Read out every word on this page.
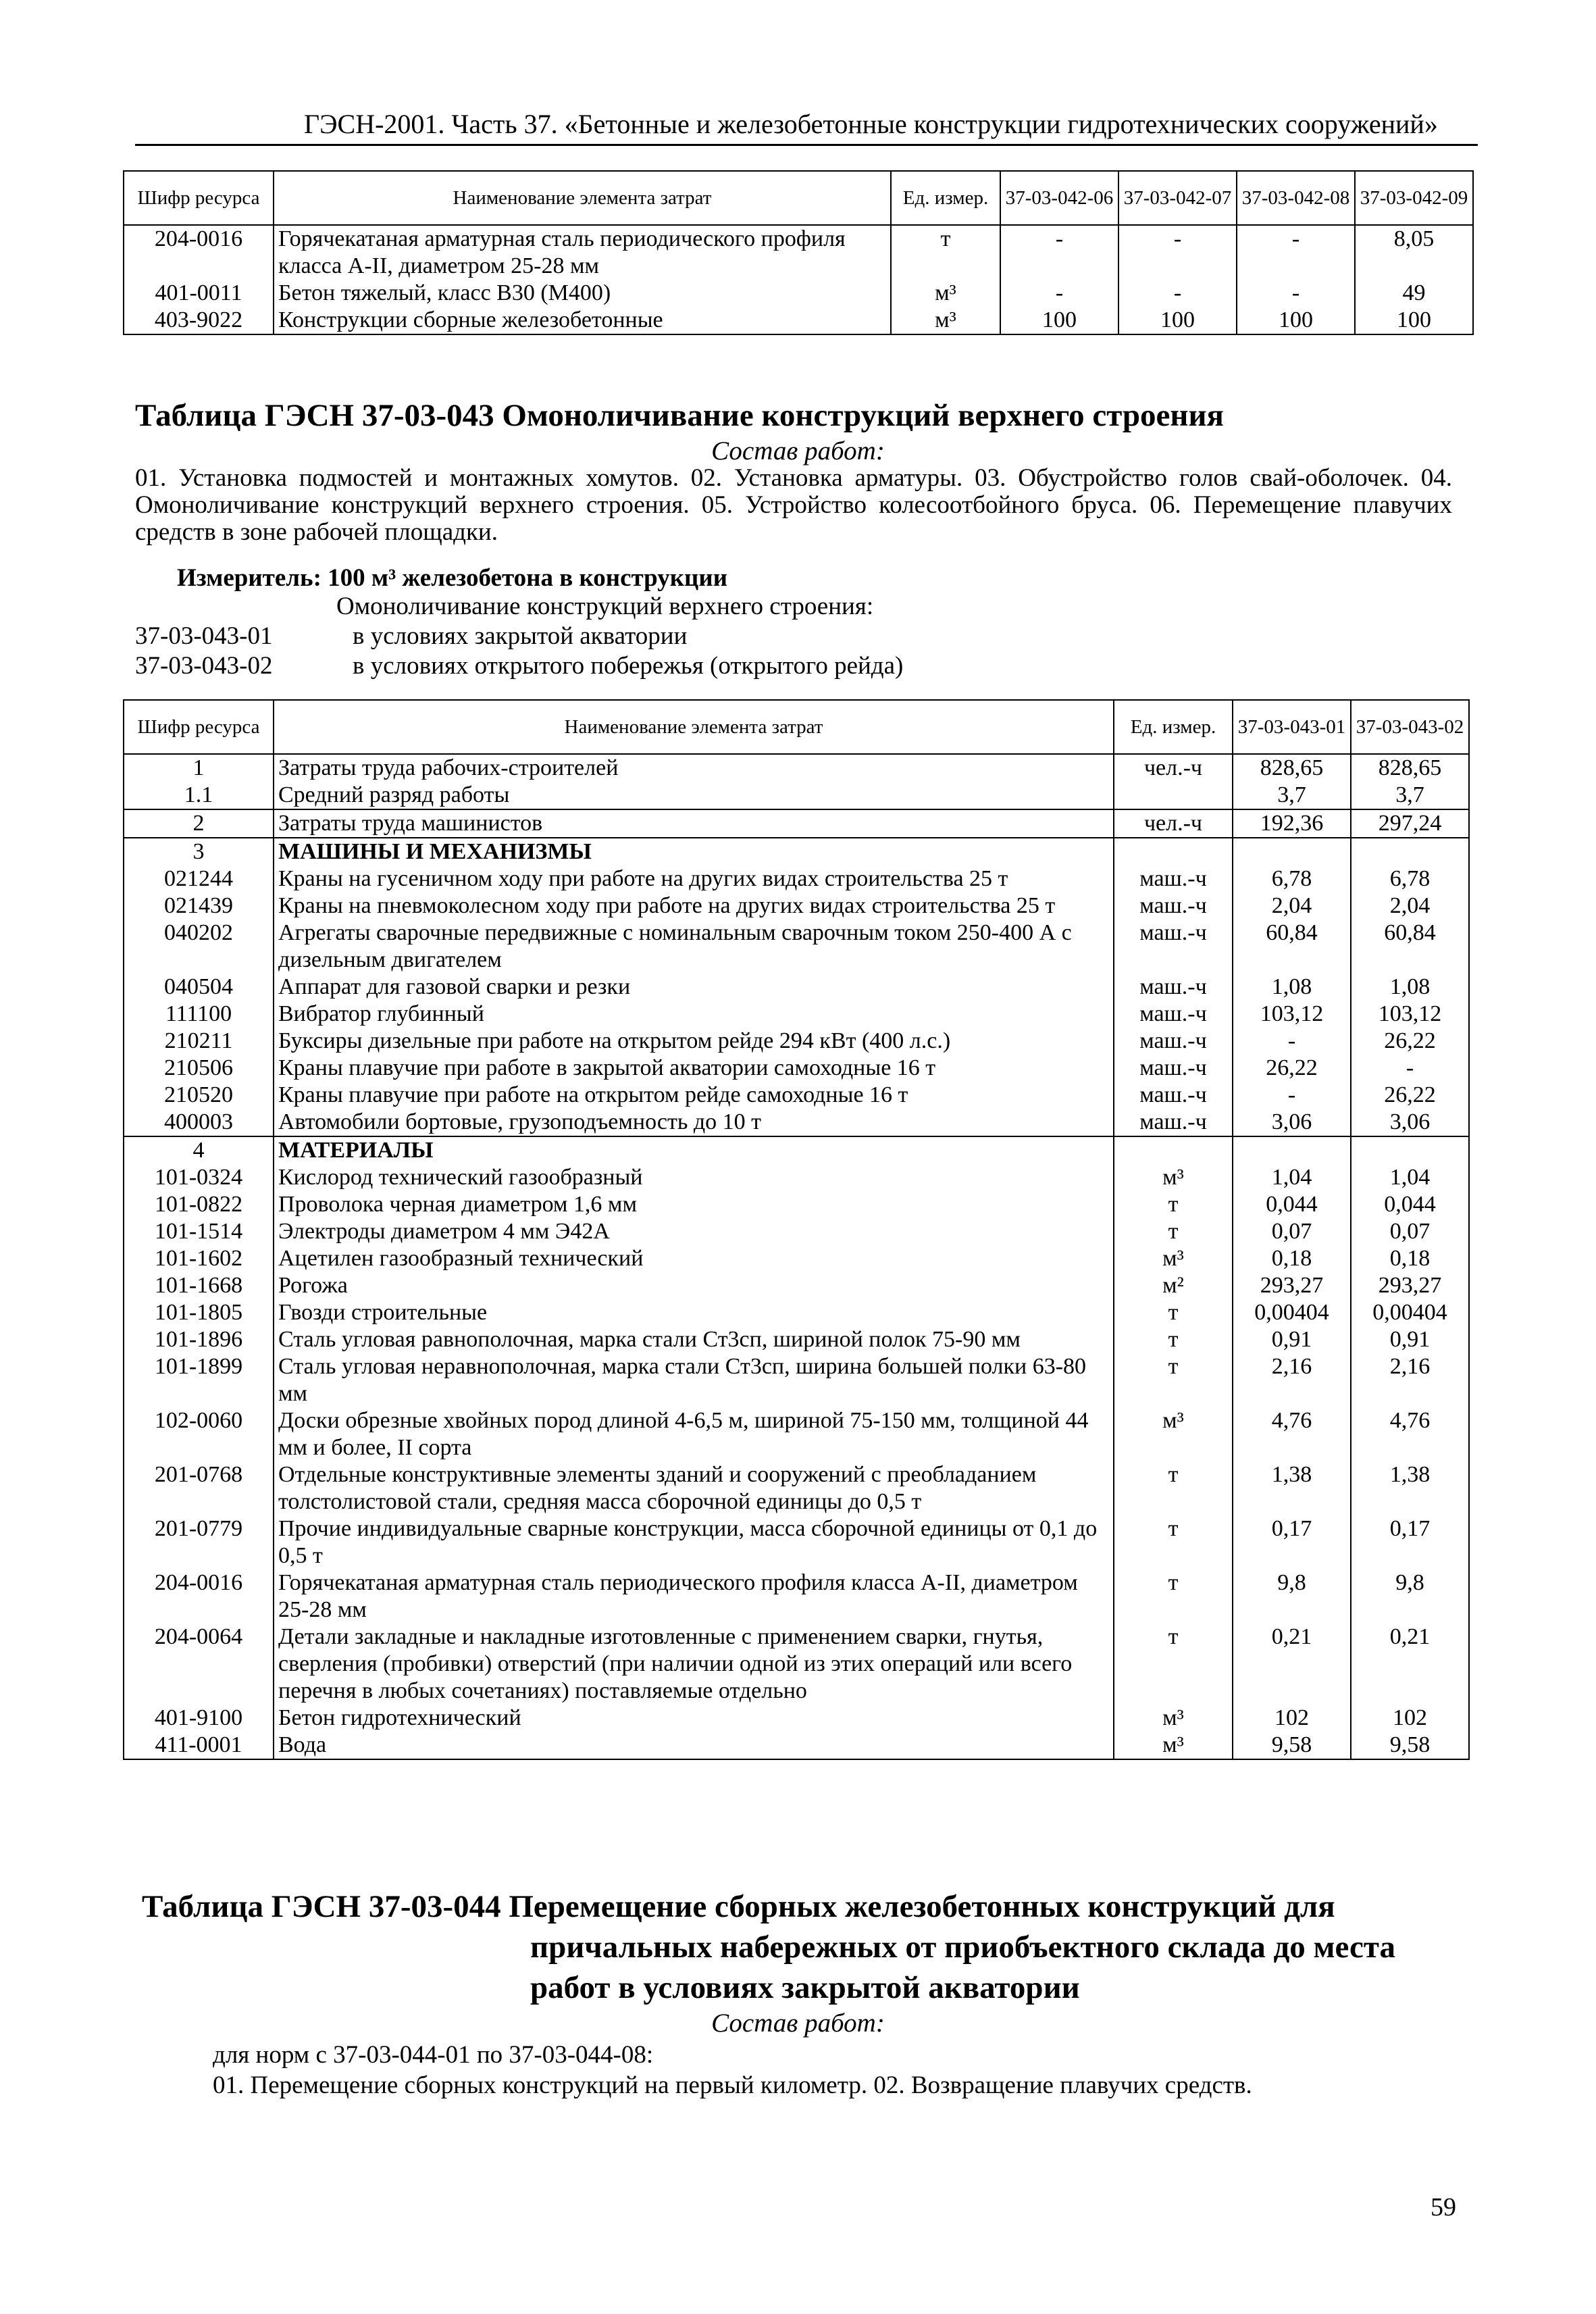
ГЭСН-2001. Часть 37. «Бетонные и железобетонные конструкции гидротехнических сооружений»
Шифр ресурса	Наименование элемента затрат	Ед. измер.	37-03-042-06	37-03-042-07	37-03-042-08	37-03-042-09
204-0016	Горячекатаная арматурная сталь периодического профиля класса А-II, диаметром 25-28 мм	т	-	-	-	8,05
401-0011	Бетон тяжелый, класс В30 (М400)	м³	-	-	-	49
403-9022	Конструкции сборные железобетонные	м³	100	100	100	100
Таблица ГЭСН 37-03-043 Омоноличивание конструкций верхнего строения
Состав работ:
01. Установка подмостей и монтажных хомутов. 02. Установка арматуры. 03. Обустройство голов свай-оболочек. 04. Омоноличивание конструкций верхнего строения. 05. Устройство колесоотбойного бруса. 06. Перемещение плавучих средств в зоне рабочей площадки.
Измеритель: 100 м³ железобетона в конструкции
Омоноличивание конструкций верхнего строения:
37-03-043-01	в условиях закрытой акватории
37-03-043-02	в условиях открытого побережья (открытого рейда)
Шифр ресурса	Наименование элемента затрат	Ед. измер.	37-03-043-01	37-03-043-02
1	Затраты труда рабочих-строителей	чел.-ч	828,65	828,65
1.1	Средний разряд работы		3,7	3,7
2	Затраты труда машинистов	чел.-ч	192,36	297,24
3	МАШИНЫ И МЕХАНИЗМЫ			
021244	Краны на гусеничном ходу при работе на других видах строительства 25 т	маш.-ч	6,78	6,78
021439	Краны на пневмоколесном ходу при работе на других видах строительства 25 т	маш.-ч	2,04	2,04
040202	Агрегаты сварочные передвижные с номинальным сварочным током 250-400 А с дизельным двигателем	маш.-ч	60,84	60,84
040504	Аппарат для газовой сварки и резки	маш.-ч	1,08	1,08
111100	Вибратор глубинный	маш.-ч	103,12	103,12
210211	Буксиры дизельные при работе на открытом рейде 294 кВт (400 л.с.)	маш.-ч	-	26,22
210506	Краны плавучие при работе в закрытой акватории самоходные 16 т	маш.-ч	26,22	-
210520	Краны плавучие при работе на открытом рейде самоходные 16 т	маш.-ч	-	26,22
400003	Автомобили бортовые, грузоподъемность до 10 т	маш.-ч	3,06	3,06
4	МАТЕРИАЛЫ			
101-0324	Кислород технический газообразный	м³	1,04	1,04
101-0822	Проволока черная диаметром 1,6 мм	т	0,044	0,044
101-1514	Электроды диаметром 4 мм Э42А	т	0,07	0,07
101-1602	Ацетилен газообразный технический	м³	0,18	0,18
101-1668	Рогожа	м²	293,27	293,27
101-1805	Гвозди строительные	т	0,00404	0,00404
101-1896	Сталь угловая равнополочная, марка стали Ст3сп, шириной полок 75-90 мм	т	0,91	0,91
101-1899	Сталь угловая неравнополочная, марка стали Ст3сп, ширина большей полки 63-80 мм	т	2,16	2,16
102-0060	Доски обрезные хвойных пород длиной 4-6,5 м, шириной 75-150 мм, толщиной 44 мм и более, II сорта	м³	4,76	4,76
201-0768	Отдельные конструктивные элементы зданий и сооружений с преобладанием толстолистовой стали, средняя масса сборочной единицы до 0,5 т	т	1,38	1,38
201-0779	Прочие индивидуальные сварные конструкции, масса сборочной единицы от 0,1 до 0,5 т	т	0,17	0,17
204-0016	Горячекатаная арматурная сталь периодического профиля класса А-II, диаметром 25-28 мм	т	9,8	9,8
204-0064	Детали закладные и накладные изготовленные с применением сварки, гнутья, сверления (пробивки) отверстий (при наличии одной из этих операций или всего перечня в любых сочетаниях) поставляемые отдельно	т	0,21	0,21
401-9100	Бетон гидротехнический	м³	102	102
411-0001	Вода	м³	9,58	9,58
Таблица ГЭСН 37-03-044 Перемещение сборных железобетонных конструкций для
причальных набережных от приобъектного склада до места
работ в условиях закрытой акватории
Состав работ:
для норм с 37-03-044-01 по 37-03-044-08:
01. Перемещение сборных конструкций на первый километр. 02. Возвращение плавучих средств.
59
